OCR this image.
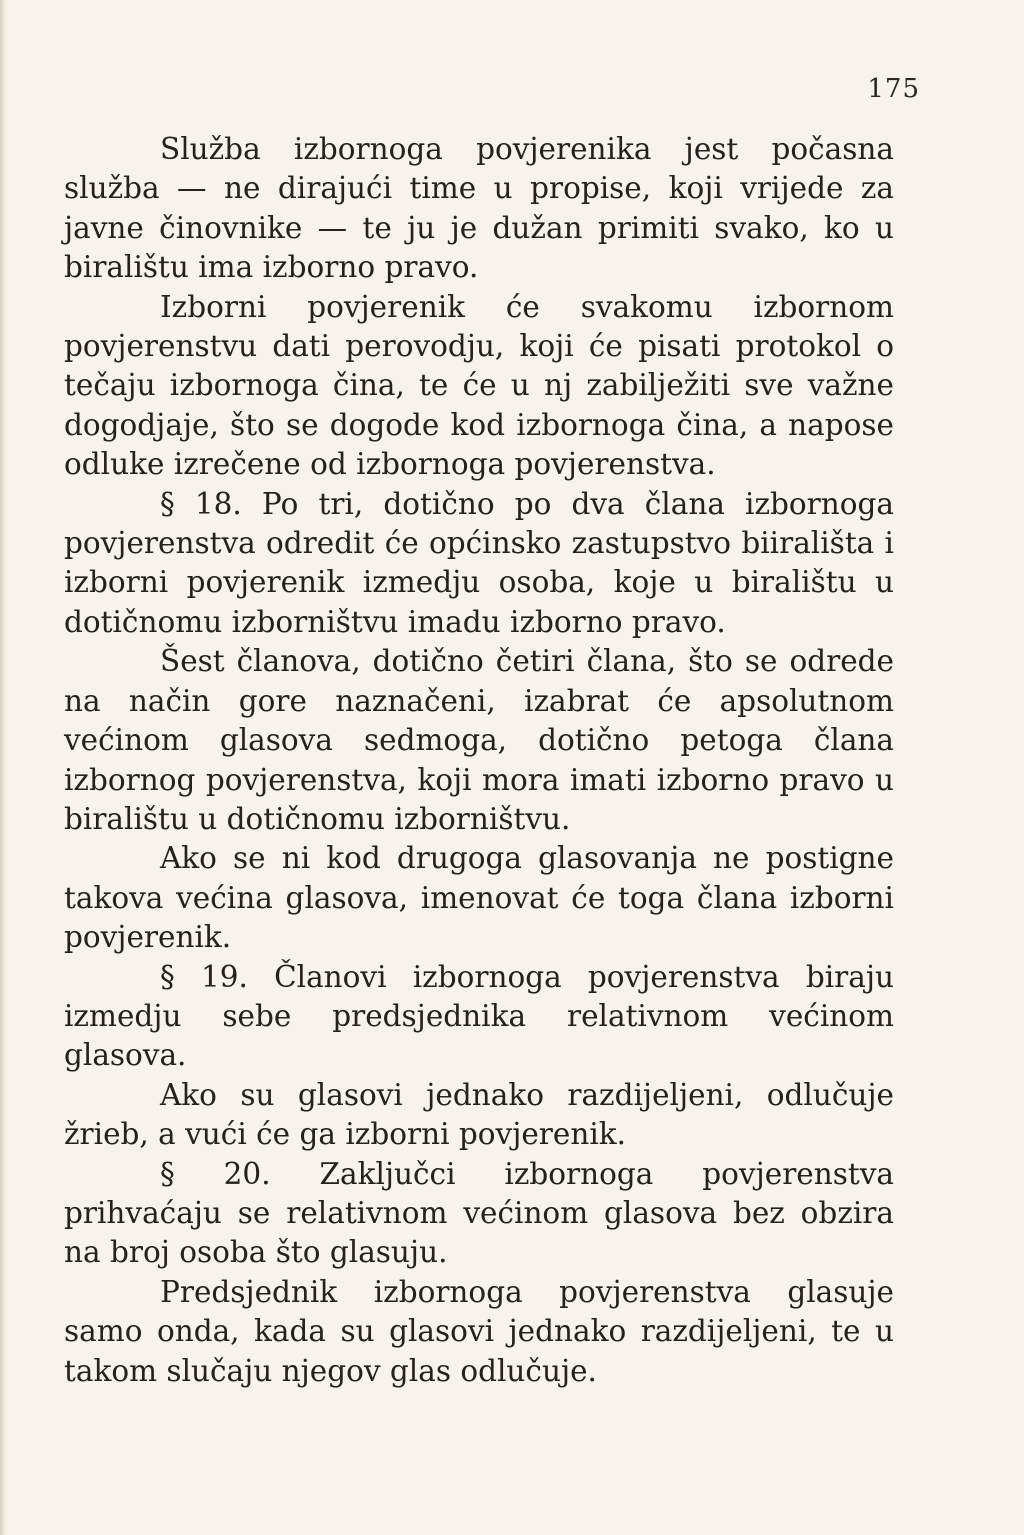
175

Služba izbornoga povjerenika jest počasna služba — ne dirajući time u propise, koji vrijede za javne činovnike — te ju je dužan primiti svako, ko u biralištu ima izborno pravo.

Izborni povjerenik će svakomu izbornom povjerenstvu dati perovodju, koji će pisati protokol o tečaju izbornoga čina, te će u nj zabilježiti sve važne dogodjaje, što se dogode kod izbornoga čina, a napose odluke izrečene od izbornoga povjerenstva.

§ 18. Po tri, dotično po dva člana izbornoga povjerenstva odredit će općinsko zastupstvo biirališta i izborni povjerenik izmedju osoba, koje u biralištu u dotičnomu izborništvu imadu izborno pravo.

Šest članova, dotično četiri člana, što se odrede na način gore naznačeni, izabrat će apsolutnom većinom glasova sedmoga, dotično petoga člana izbornog povjerenstva, koji mora imati izborno pravo u biralištu u dotičnomu izborništvu.

Ako se ni kod drugoga glasovanja ne postigne takova većina glasova, imenovat će toga člana izborni povjerenik.

§ 19. Članovi izbornoga povjerenstva biraju izmedju sebe predsjednika relativnom većinom glasova.

Ako su glasovi jednako razdijeljeni, odlučuje žrieb, a vući će ga izborni povjerenik.

§ 20. Zaključci izbornoga povjerenstva prihvaćaju se relativnom većinom glasova bez obzira na broj osoba što glasuju.

Predsjednik izbornoga povjerenstva glasuje samo onda, kada su glasovi jednako razdijeljeni, te u takom slučaju njegov glas odlučuje.
